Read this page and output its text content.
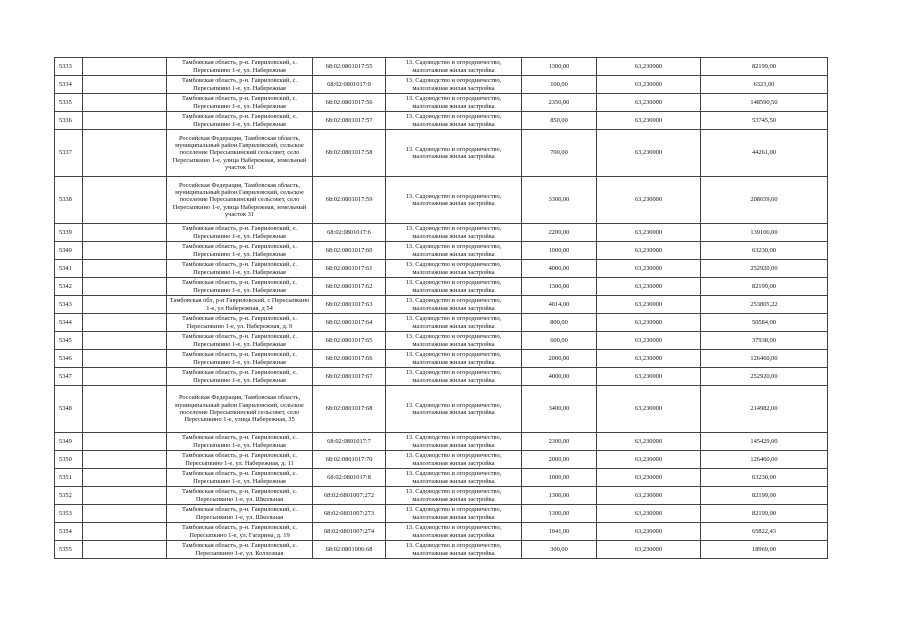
5333		Тамбовская область, р-н. Гавриловский, с. Пересыпкино 1-е, ул. Набережная	68:02:0801017:55	13. Садоводство и огородничество, малоэтажная жилая застройка	1300,00	63,230000	82199,00
5334		Тамбовская область, р-н. Гавриловский, с. Пересыпкино 1-е, ул. Набережная	68:02:0801017:9	13. Садоводство и огородничество, малоэтажная жилая застройка	100,00	63,230000	6323,00
5335		Тамбовская область, р-н. Гавриловский, с. Пересыпкино 1-е, ул. Набережная	68:02:0801017:56	13. Садоводство и огородничество, малоэтажная жилая застройка	2350,00	63,230000	148590,50
5336		Тамбовская область, р-н. Гавриловский, с. Пересыпкино 1-е, ул. Набережная	68:02:0801017:57	13. Садоводство и огородничество, малоэтажная жилая застройка	850,00	63,230000	53745,50
5337		Российская Федерация, Тамбовская область, муниципальный район Гавриловский, сельское поселение Пересыпкинский сельсовет, село Пересыпкино 1-е, улица Набережная, земельный участок 61	68:02:0801017:58	13. Садоводство и огородничество, малоэтажная жилая застройка	700,00	63,230000	44261,00
5338		Российская Федерация, Тамбовская область, муниципальный район Гавриловский, сельское поселение Пересыпкинский сельсовет, село Пересыпкино 1-е, улица Набережная, земельный участок 31	68:02:0801017:59	13. Садоводство и огородничество, малоэтажная жилая застройка	3300,00	63,230000	208659,00
5339		Тамбовская область, р-н. Гавриловский, с. Пересыпкино 1-е, ул. Набережная	68:02:0801017:6	13. Садоводство и огородничество, малоэтажная жилая застройка	2200,00	63,230000	139106,00
5340		Тамбовская область, р-н. Гавриловский, с. Пересыпкино 1-е, ул. Набережная	68:02:0801017:60	13. Садоводство и огородничество, малоэтажная жилая застройка	1000,00	63,230000	63230,00
5341		Тамбовская область, р-н. Гавриловский, с. Пересыпкино 1-е, ул. Набережная	68:02:0801017:61	13. Садоводство и огородничество, малоэтажная жилая застройка	4000,00	63,230000	252920,00
5342		Тамбовская область, р-н. Гавриловский, с. Пересыпкино 1-е, ул. Набережная	68:02:0801017:62	13. Садоводство и огородничество, малоэтажная жилая застройка	1300,00	63,230000	82199,00
5343		Тамбовская обл, р-н Гавриловский, с Пересыпкино 1-е, ул Набережная, д 54	68:02:0801017:63	13. Садоводство и огородничество, малоэтажная жилая застройка	4014,00	63,230000	253805,22
5344		Тамбовская область, р-н. Гавриловский, с. Пересыпкино 1-е, ул. Набережная, д. 9	68:02:0801017:64	13. Садоводство и огородничество, малоэтажная жилая застройка	800,00	63,230000	50584,00
5345		Тамбовская область, р-н. Гавриловский, с. Пересыпкино 1-е, ул. Набережная	68:02:0801017:65	13. Садоводство и огородничество, малоэтажная жилая застройка	600,00	63,230000	37938,00
5346		Тамбовская область, р-н. Гавриловский, с. Пересыпкино 1-е, ул. Набережная	68:02:0801017:66	13. Садоводство и огородничество, малоэтажная жилая застройка	2000,00	63,230000	126460,00
5347		Тамбовская область, р-н. Гавриловский, с. Пересыпкино 1-е, ул. Набережная	68:02:0801017:67	13. Садоводство и огородничество, малоэтажная жилая застройка	4000,00	63,230000	252920,00
5348		Российская Федерация, Тамбовская область, муниципальный район Гавриловский, сельское поселение Пересыпкинский сельсовет, село Пересыпкино 1-е, улица Набережная, 35	68:02:0801017:68	13. Садоводство и огородничество, малоэтажная жилая застройка	3400,00	63,230000	214982,00
5349		Тамбовская область, р-н. Гавриловский, с. Пересыпкино 1-е, ул. Набережная	68:02:0801017:7	13. Садоводство и огородничество, малоэтажная жилая застройка	2300,00	63,230000	145429,00
5350		Тамбовская область, р-н. Гавриловский, с. Пересыпкино 1-е, ул. Набережная, д. 11	68:02:0801017:70	13. Садоводство и огородничество, малоэтажная жилая застройка	2000,00	63,230000	126460,00
5351		Тамбовская область, р-н. Гавриловский, с. Пересыпкино 1-е, ул. Набережная	68:02:0801017:8	13. Садоводство и огородничество, малоэтажная жилая застройка	1000,00	63,230000	63230,00
5352		Тамбовская область, р-н. Гавриловский, с. Пересыпкино 1-е, ул. Школьная	68:02:0801007:272	13. Садоводство и огородничество, малоэтажная жилая застройка	1300,00	63,230000	82199,00
5353		Тамбовская область, р-н. Гавриловский, с. Пересыпкино 1-е, ул. Школьная	68:02:0801007:273	13. Садоводство и огородничество, малоэтажная жилая застройка	1300,00	63,230000	82199,00
5354		Тамбовская область, р-н. Гавриловский, с. Пересыпкино 1-е, ул. Гагарина, д. 19	68:02:0801007:274	13. Садоводство и огородничество, малоэтажная жилая застройка	1041,00	63,230000	65822,43
5355		Тамбовская область, р-н. Гавриловский, с. Пересыпкино 1-е, ул. Колхозная	68:02:0801006:68	13. Садоводство и огородничество, малоэтажная жилая застройка	300,00	63,230000	18969,00
